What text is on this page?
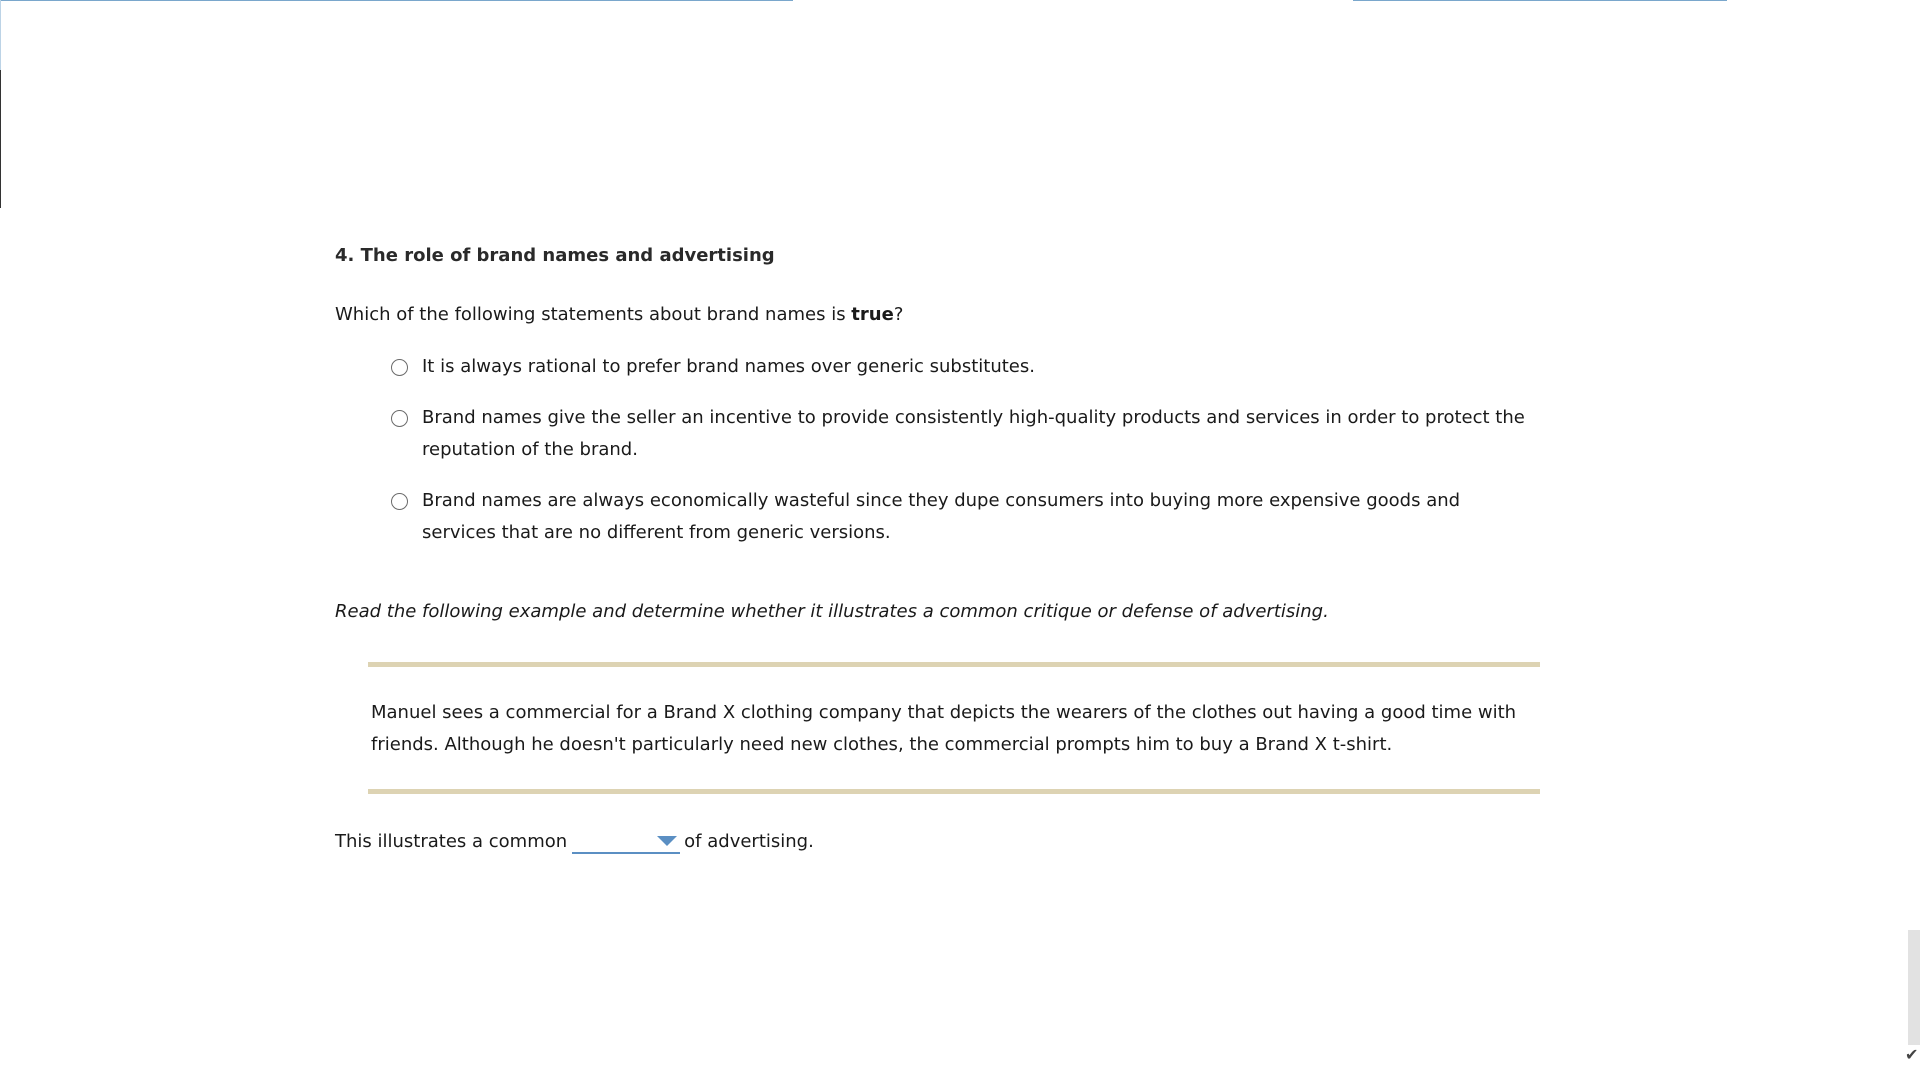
4. The role of brand names and advertising
Which of the following statements about brand names is true?
It is always rational to prefer brand names over generic substitutes.
Brand names give the seller an incentive to provide consistently high-quality products and services in order to protect the reputation of the brand.
Brand names are always economically wasteful since they dupe consumers into buying more expensive goods and services that are no different from generic versions.
Read the following example and determine whether it illustrates a common critique or defense of advertising.
Manuel sees a commercial for a Brand X clothing company that depicts the wearers of the clothes out having a good time with friends. Although he doesn't particularly need new clothes, the commercial prompts him to buy a Brand X t-shirt.
This illustrates a common	of advertising.
✔
